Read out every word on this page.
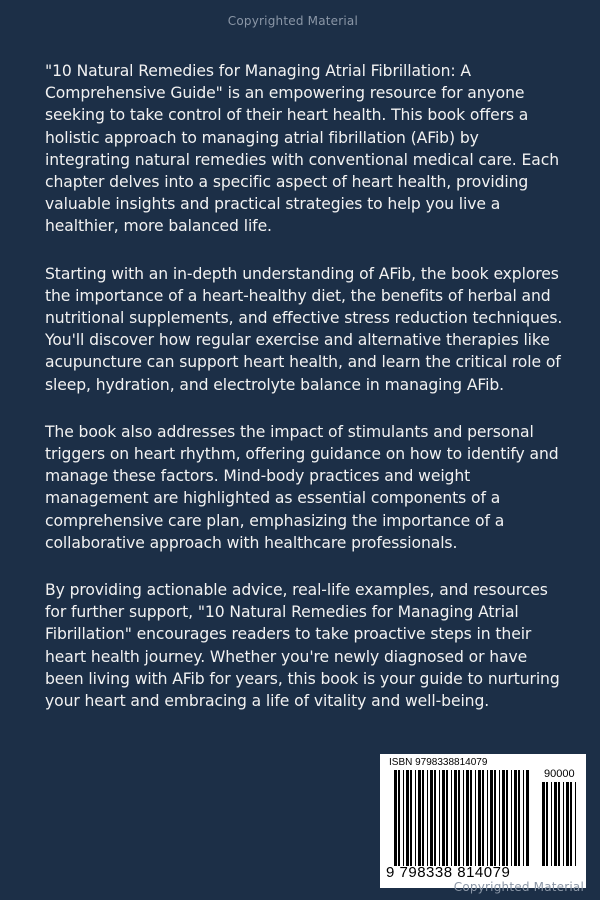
Copyrighted Material

"10 Natural Remedies for Managing Atrial Fibrillation: A Comprehensive Guide" is an empowering resource for anyone seeking to take control of their heart health. This book offers a holistic approach to managing atrial fibrillation (AFib) by integrating natural remedies with conventional medical care. Each chapter delves into a specific aspect of heart health, providing valuable insights and practical strategies to help you live a healthier, more balanced life.

Starting with an in-depth understanding of AFib, the book explores the importance of a heart-healthy diet, the benefits of herbal and nutritional supplements, and effective stress reduction techniques. You'll discover how regular exercise and alternative therapies like acupuncture can support heart health, and learn the critical role of sleep, hydration, and electrolyte balance in managing AFib.

The book also addresses the impact of stimulants and personal triggers on heart rhythm, offering guidance on how to identify and manage these factors. Mind-body practices and weight management are highlighted as essential components of a comprehensive care plan, emphasizing the importance of a collaborative approach with healthcare professionals.

By providing actionable advice, real-life examples, and resources for further support, "10 Natural Remedies for Managing Atrial Fibrillation" encourages readers to take proactive steps in their heart health journey. Whether you're newly diagnosed or have been living with AFib for years, this book is your guide to nurturing your heart and embracing a life of vitality and well-being.

ISBN 9798338814079
90000
9 798338 814079
Copyrighted Material
